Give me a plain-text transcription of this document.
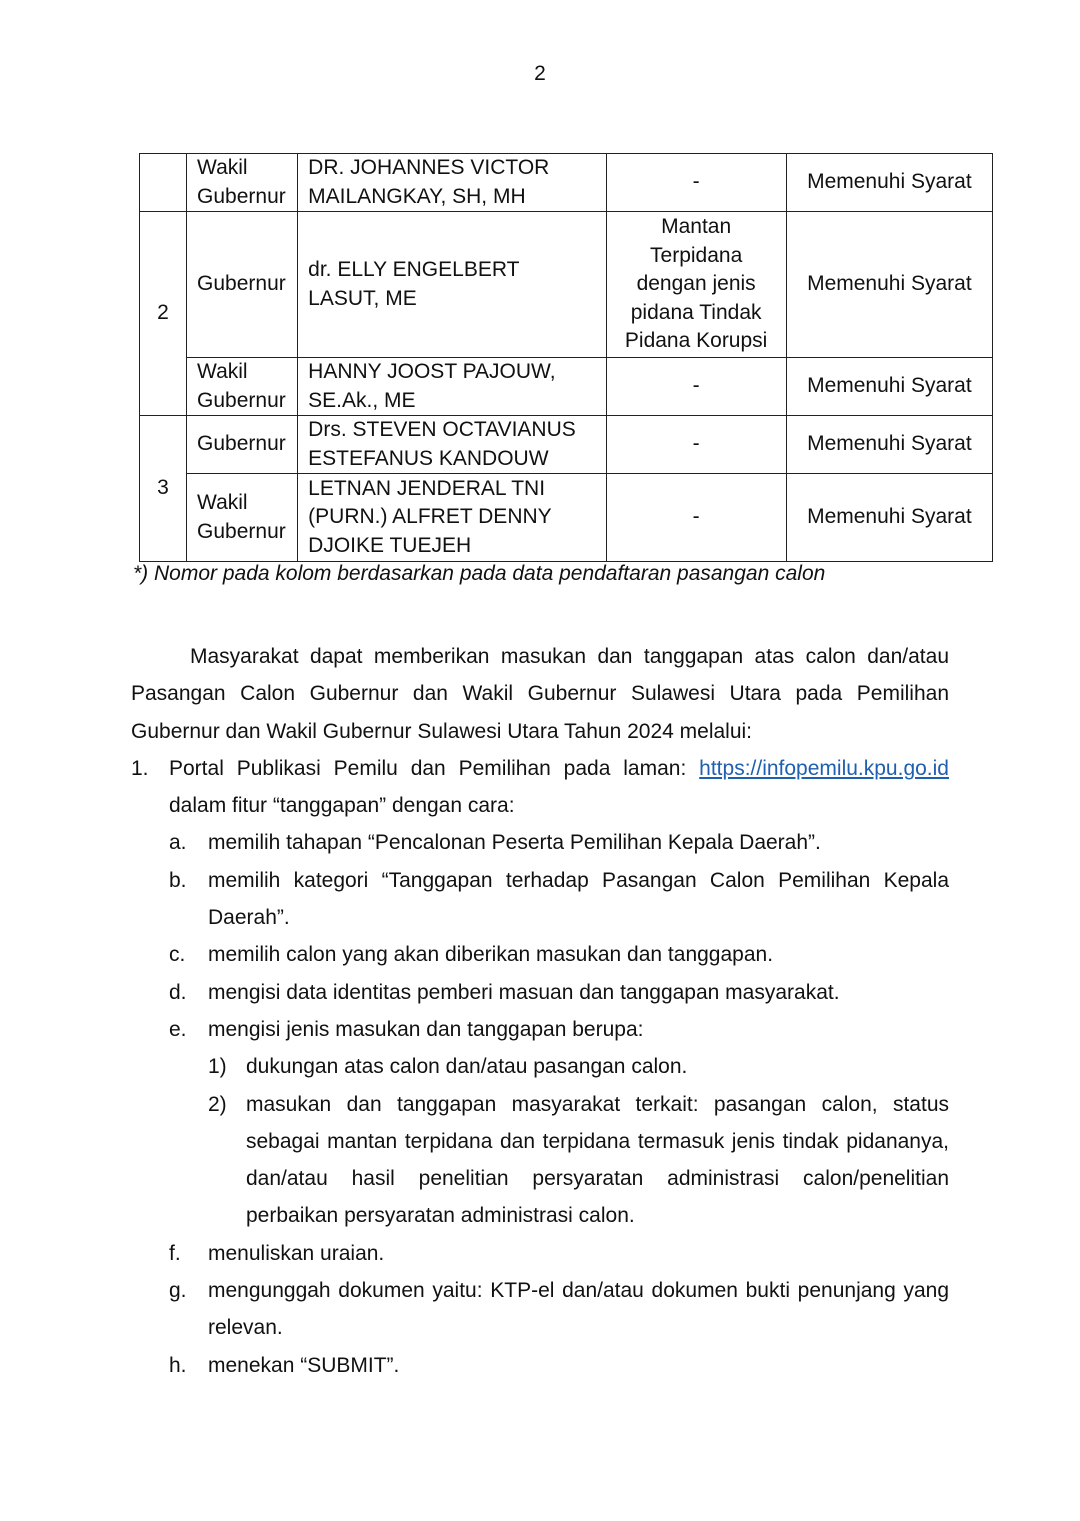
2
	Wakil Gubernur	DR. JOHANNES VICTOR MAILANGKAY, SH, MH	-	Memenuhi Syarat
2	Gubernur	dr. ELLY ENGELBERT LASUT, ME	Mantan Terpidana dengan jenis pidana Tindak Pidana Korupsi	Memenuhi Syarat
	Wakil Gubernur	HANNY JOOST PAJOUW, SE.Ak., ME	-	Memenuhi Syarat
3	Gubernur	Drs. STEVEN OCTAVIANUS ESTEFANUS KANDOUW	-	Memenuhi Syarat
	Wakil Gubernur	LETNAN JENDERAL TNI (PURN.) ALFRET DENNY DJOIKE TUEJEH	-	Memenuhi Syarat
*) Nomor pada kolom berdasarkan pada data pendaftaran pasangan calon

Masyarakat dapat memberikan masukan dan tanggapan atas calon dan/atau Pasangan Calon Gubernur dan Wakil Gubernur Sulawesi Utara pada Pemilihan Gubernur dan Wakil Gubernur Sulawesi Utara Tahun 2024 melalui:

1. Portal Publikasi Pemilu dan Pemilihan pada laman: https://infopemilu.kpu.go.id dalam fitur “tanggapan” dengan cara:
a.	memilih tahapan “Pencalonan Peserta Pemilihan Kepala Daerah”.
b.	memilih kategori “Tanggapan terhadap Pasangan Calon Pemilihan Kepala Daerah”.
c.	memilih calon yang akan diberikan masukan dan tanggapan.
d.	mengisi data identitas pemberi masuan dan tanggapan masyarakat.
e.	mengisi jenis masukan dan tanggapan berupa:
1) dukungan atas calon dan/atau pasangan calon.
2) masukan dan tanggapan masyarakat terkait: pasangan calon, status sebagai mantan terpidana dan terpidana termasuk jenis tindak pidananya, dan/atau hasil penelitian persyaratan administrasi calon/penelitian perbaikan persyaratan administrasi calon.
f.	menuliskan uraian.
g.	mengunggah dokumen yaitu: KTP-el dan/atau dokumen bukti penunjang yang relevan.
h.	menekan “SUBMIT”.
